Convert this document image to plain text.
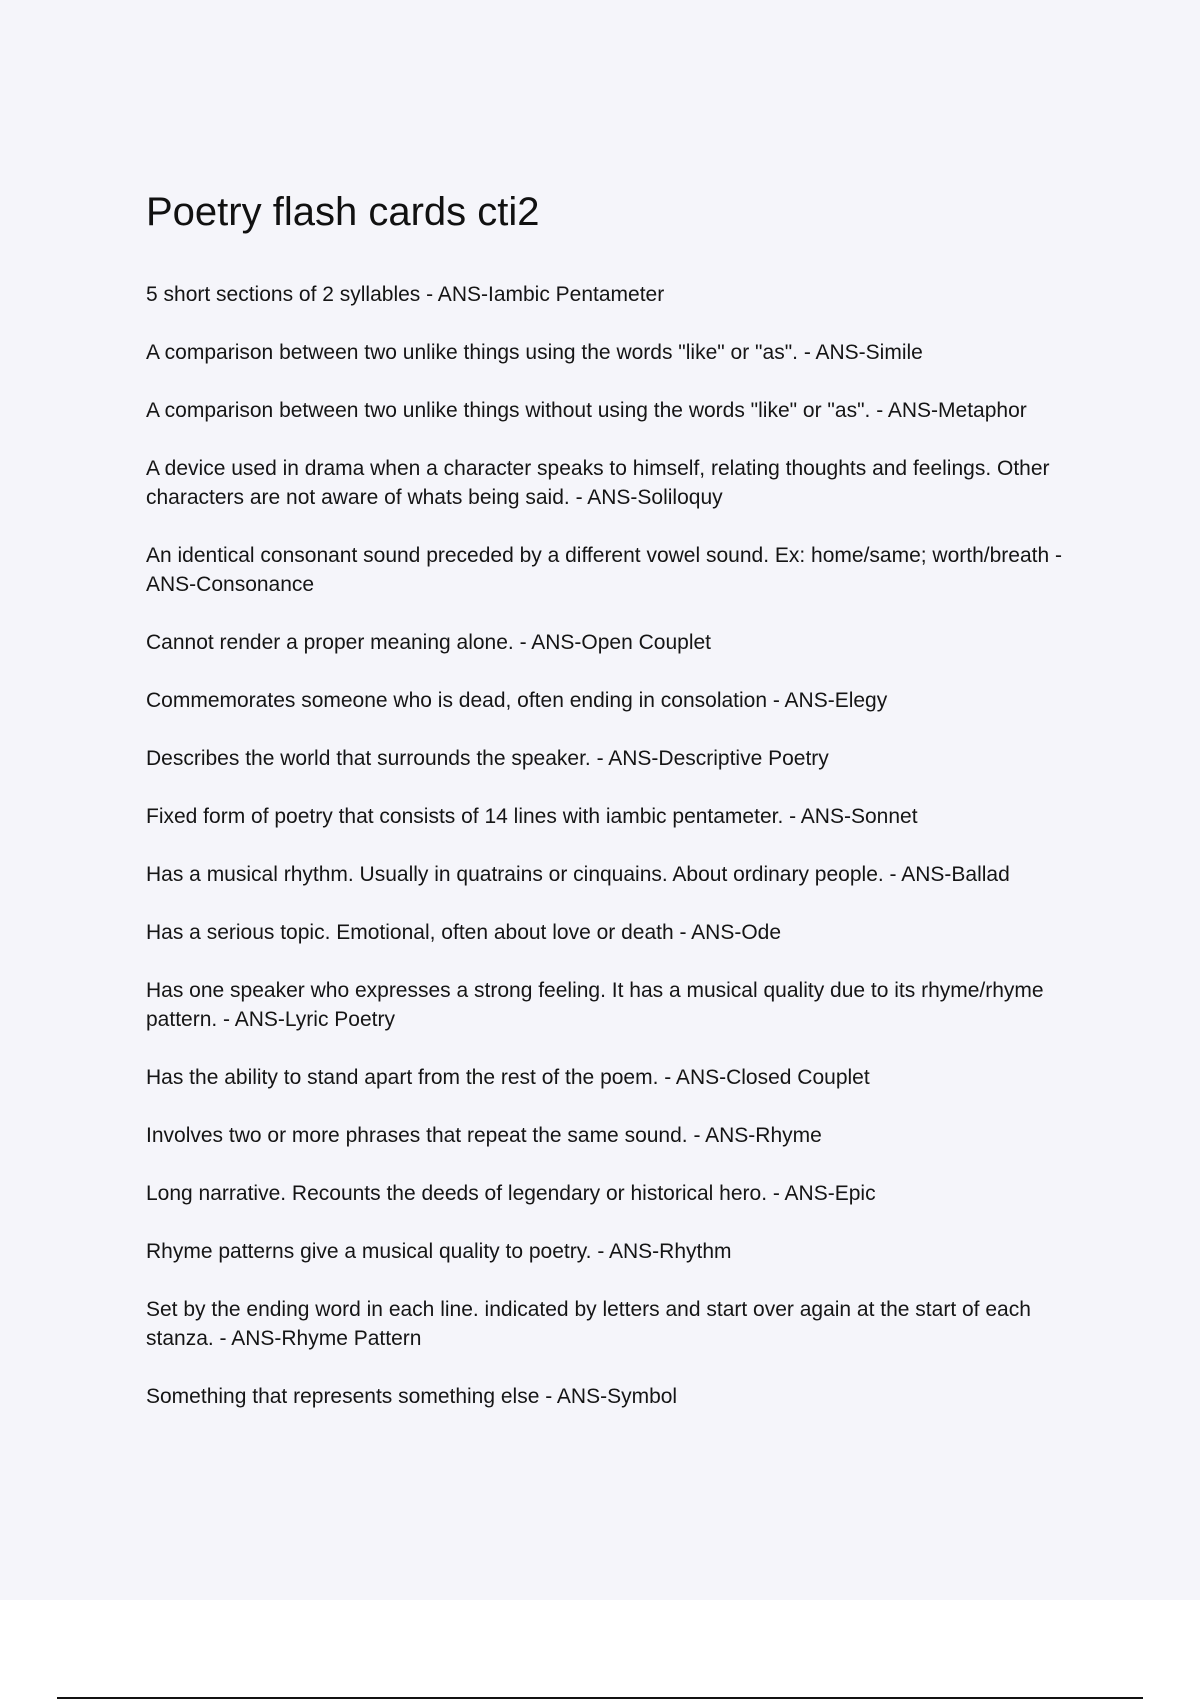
Poetry flash cards cti2
5 short sections of 2 syllables - ANS-Iambic Pentameter
A comparison between two unlike things using the words "like" or "as". - ANS-Simile
A comparison between two unlike things without using the words "like" or "as". - ANS-Metaphor
A device used in drama when a character speaks to himself, relating thoughts and feelings. Other characters are not aware of whats being said. - ANS-Soliloquy
An identical consonant sound preceded by a different vowel sound. Ex: home/same; worth/breath - ANS-Consonance
Cannot render a proper meaning alone. - ANS-Open Couplet
Commemorates someone who is dead, often ending in consolation - ANS-Elegy
Describes the world that surrounds the speaker. - ANS-Descriptive Poetry
Fixed form of poetry that consists of 14 lines with iambic pentameter. - ANS-Sonnet
Has a musical rhythm. Usually in quatrains or cinquains. About ordinary people. - ANS-Ballad
Has a serious topic. Emotional, often about love or death - ANS-Ode
Has one speaker who expresses a strong feeling. It has a musical quality due to its rhyme/rhyme pattern. - ANS-Lyric Poetry
Has the ability to stand apart from the rest of the poem. - ANS-Closed Couplet
Involves two or more phrases that repeat the same sound. - ANS-Rhyme
Long narrative. Recounts the deeds of legendary or historical hero. - ANS-Epic
Rhyme patterns give a musical quality to poetry. - ANS-Rhythm
Set by the ending word in each line. indicated by letters and start over again at the start of each stanza. - ANS-Rhyme Pattern
Something that represents something else - ANS-Symbol
